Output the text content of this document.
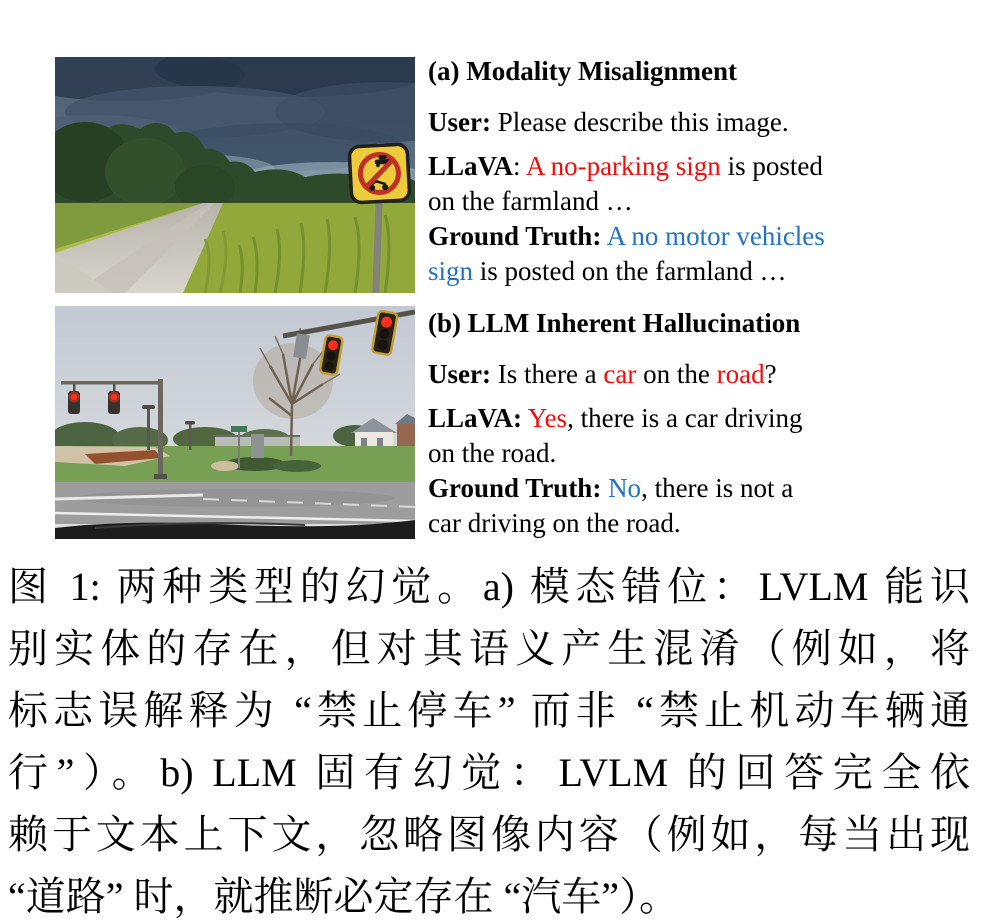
(a) Modality Misalignment
User: Please describe this image.
LLaVA: A no-parking sign is posted
on the farmland …
Ground Truth: A no motor vehicles
sign is posted on the farmland …
(b) LLM Inherent Hallucination
User: Is there a car on the road?
LLaVA: Yes, there is a car driving
on the road.
Ground Truth: No, there is not a
car driving on the road.

图 1: 两种类型的幻觉。a) 模态错位：LVLM 能识
别实体的存在，但对其语义产生混淆（例如，将
标志误解释为 “禁止停车” 而非 “禁止机动车辆通
行”）。b) LLM 固有幻觉：LVLM 的回答完全依
赖于文本上下文，忽略图像内容（例如，每当出现
“道路” 时，就推断必定存在 “汽车”）。
